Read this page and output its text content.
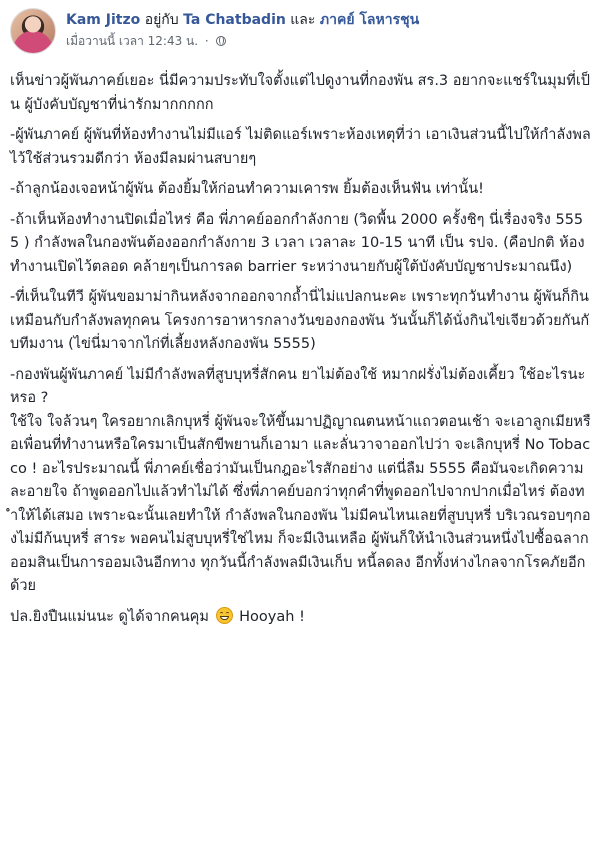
Kam Jitzo อยู่กับ Ta Chatbadin และ ภาคย์ โลหารชุน
เมื่อวานนี้ เวลา 12:43 น. ·

เห็นข่าวผู้พันภาคย์เยอะ นี่มีความประทับใจตั้งแต่ไปดูงานที่กองพัน สร.3 อยากจะแชร์ในมุมที่เป็น ผู้บังคับบัญชาที่น่ารักมากกกกก

-ผู้พันภาคย์ ผู้พันที่ห้องทำงานไม่มีแอร์ ไม่ติดแอร์เพราะห้องเหตุที่ว่า เอาเงินส่วนนี้ไปให้กำลังพลไว้ใช้ส่วนรวมดีกว่า ห้องมีลมผ่านสบายๆ

-ถ้าลูกน้องเจอหน้าผู้พัน ต้องยิ้มให้ก่อนทำความเคารพ ยิ้มต้องเห็นฟัน เท่านั้น!

-ถ้าเห็นห้องทำงานปิดเมื่อไหร่ คือ พี่ภาคย์ออกกำลังกาย (วิดพื้น 2000 ครั้งชิๆ นี่เรื่องจริง 5555 ) กำลังพลในกองพันต้องออกกำลังกาย 3 เวลา เวลาละ 10-15 นาที เป็น รปจ. (คือปกติ ห้องทำงานเปิดไว้ตลอด คล้ายๆเป็นการลด barrier ระหว่างนายกับผู้ใต้บังคับบัญชาประมาณนึง)

-ที่เห็นในทีวี ผู้พันขอมาม่ากินหลังจากออกจากถ้ำนี่ไม่แปลกนะคะ เพราะทุกวันทำงาน ผู้พันก็กินเหมือนกับกำลังพลทุกคน โครงการอาหารกลางวันของกองพัน วันนั้นก็ได้นั่งกินไข่เจียวด้วยกันกับทีมงาน (ไข่นี่มาจากไก่ที่เลี้ยงหลังกองพัน 5555)

-กองพันผู้พันภาคย์ ไม่มีกำลังพลที่สูบบุหรี่สักคน ยาไม่ต้องใช้ หมากฝรั่งไม่ต้องเคี้ยว ใช้อะไรนะหรอ ?

ใช้ใจ ใจล้วนๆ ใครอยากเลิกบุหรี่ ผู้พันจะให้ขึ้นมาปฏิญาณตนหน้าแถวตอนเช้า จะเอาลูกเมียหรือเพื่อนที่ทำงานหรือใครมาเป็นสักขีพยานก็เอามา และลั่นวาจาออกไปว่า จะเลิกบุหรี่ No Tobacco ! อะไรประมาณนี้ พี่ภาคย์เชื่อว่ามันเป็นกฎอะไรสักอย่าง แต่นี่ลืม 5555 คือมันจะเกิดความละอายใจ ถ้าพูดออกไปแล้วทำไม่ได้ ซึ่งพี่ภาคย์บอกว่าทุกคำที่พูดออกไปจากปากเมื่อไหร่ ต้องทำให้ได้เสมอ เพราะฉะนั้นเลยทำให้ กำลังพลในกองพัน ไม่มีคนไหนเลยที่สูบบุหรี่ บริเวณรอบๆกองไม่มีก้นบุหรี่ สาระ พอคนไม่สูบบุหรี่ใช่ไหม ก็จะมีเงินเหลือ ผู้พันก็ให้นำเงินส่วนหนึ่งไปซื้อฉลากออมสินเป็นการออมเงินอีกทาง ทุกวันนี้กำลังพลมีเงินเก็บ หนี้ลดลง อีกทั้งห่างไกลจากโรคภัยอีกด้วย

ปล.ยิงปืนแม่นนะ ดูได้จากคนคุม Hooyah !
